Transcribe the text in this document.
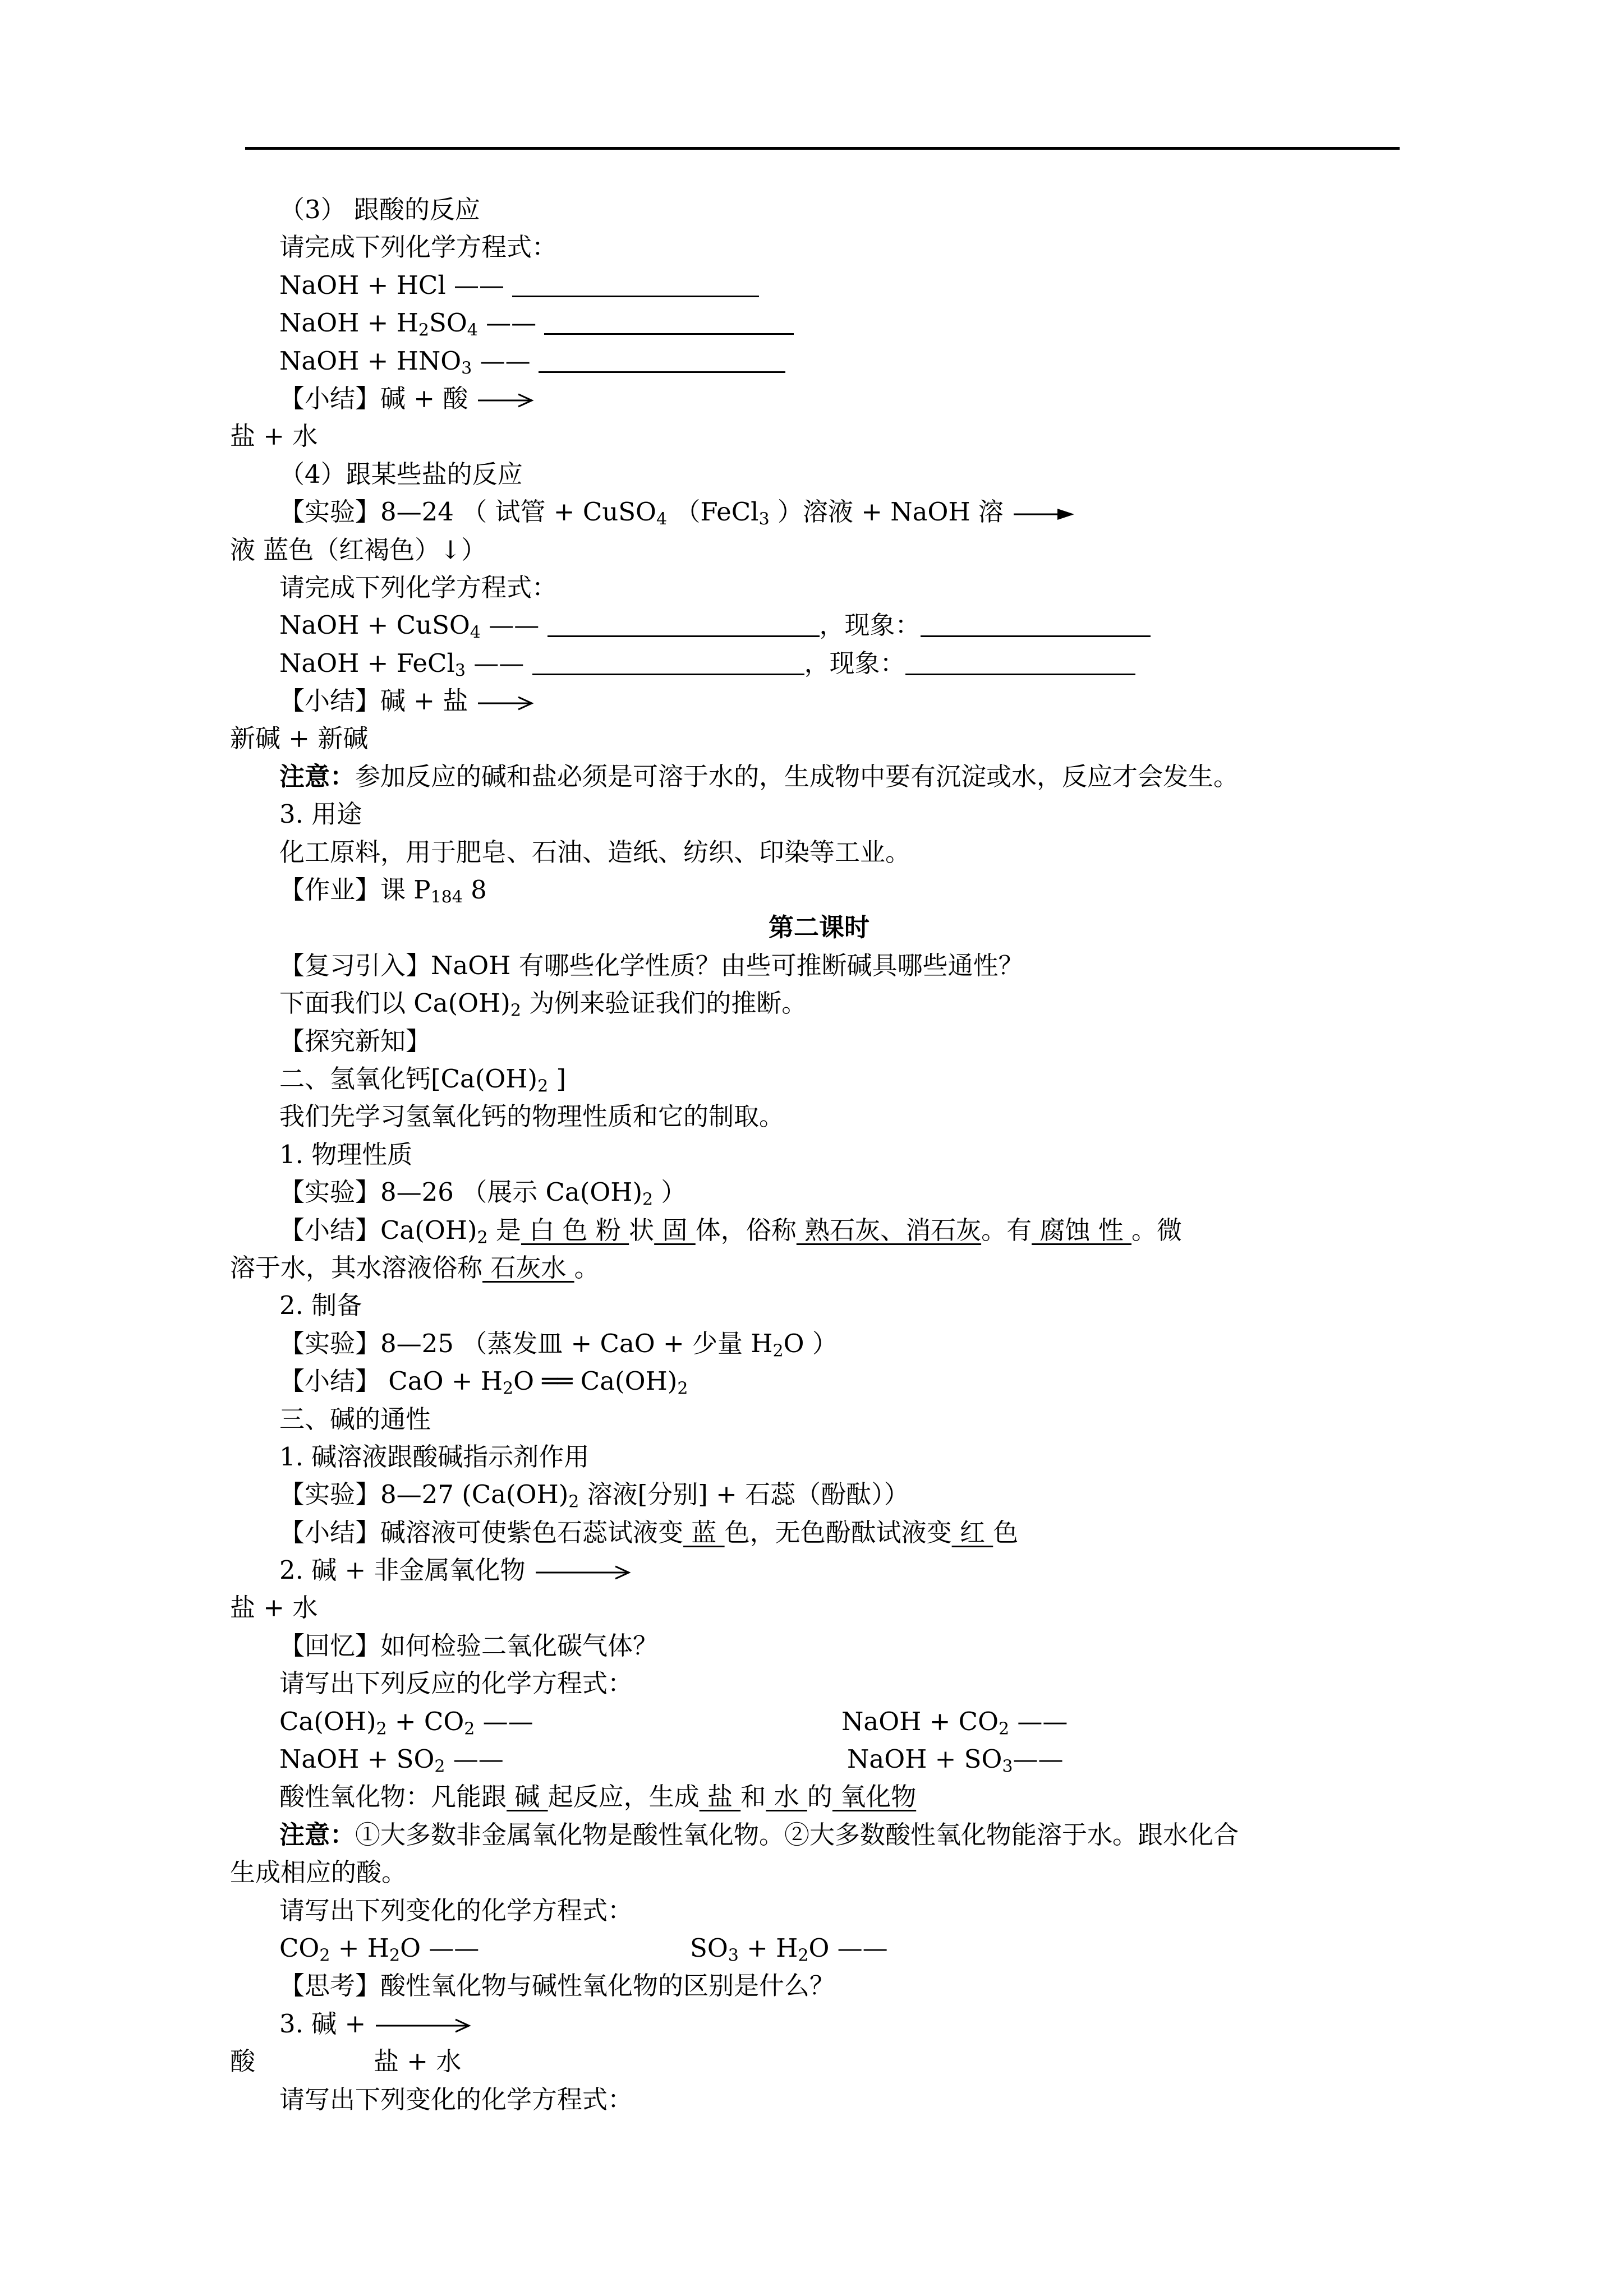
（3） 跟酸的反应
请完成下列化学方程式：
NaOH + HCl ——
NaOH + $H_2SO_4$ ——
NaOH + $HNO_3$ ——
【小结】碱 + 酸
盐 + 水
（4）跟某些盐的反应
【实验】8—24 （ 试管 + CuSO$_4$ （FeCl$_3$ ）溶液 + NaOH 溶
液 蓝色（红褐色）↓）
请完成下列化学方程式：
NaOH + CuSO$_4$ ——	，现象：
NaOH + FeCl$_3$ ——	，现象：
【小结】碱 + 盐
新碱 + 新碱
注意：参加反应的碱和盐必须是可溶于水的，生成物中要有沉淀或水，反应才会发生。
3. 用途
化工原料，用于肥皂、石油、造纸、纺织、印染等工业。
【作业】课 $P_{184}$ 8
第二课时
【复习引入】NaOH 有哪些化学性质？由些可推断碱具哪些通性？
下面我们以 $Ca(OH)_2$ 为例来验证我们的推断。
【探究新知】
二、氢氧化钙[$Ca(OH)_2$ ]
我们先学习氢氧化钙的物理性质和它的制取。
1. 物理性质
【实验】8—26 （展示 $Ca(OH)_2$ ）
【小结】$Ca(OH)_2$ 是 白 色 粉 状 固 体，俗称 熟石灰、消石灰。有 腐蚀 性 。微
溶于水，其水溶液俗称 石灰水 。
2. 制备
【实验】8—25 （蒸发皿 + CaO + 少量 $H_2O$ ）
【小结】 CaO + $H_2O$ ══ $Ca(OH)_2$
三、碱的通性
1. 碱溶液跟酸碱指示剂作用
【实验】8—27 ($Ca(OH)_2$ 溶液[分别] + 石蕊（酚酞））
【小结】碱溶液可使紫色石蕊试液变 蓝 色，无色酚酞试液变 红 色
2. 碱 + 非金属氧化物
盐 + 水
【回忆】如何检验二氧化碳气体？
请写出下列反应的化学方程式：
$Ca(OH)_2 + CO_2$ ——	NaOH + $CO_2$ ——
NaOH + $SO_2$ ——	NaOH + $SO_3——$
酸性氧化物：凡能跟 碱 起反应，生成 盐 和 水 的 氧化物
注意：①大多数非金属氧化物是酸性氧化物。②大多数酸性氧化物能溶于水。跟水化合
生成相应的酸。
请写出下列变化的化学方程式：
$CO_2 + H_2O$ ——	$SO_3 + H_2O$ ——
【思考】酸性氧化物与碱性氧化物的区别是什么？
3. 碱 +
酸	盐 + 水
请写出下列变化的化学方程式：
